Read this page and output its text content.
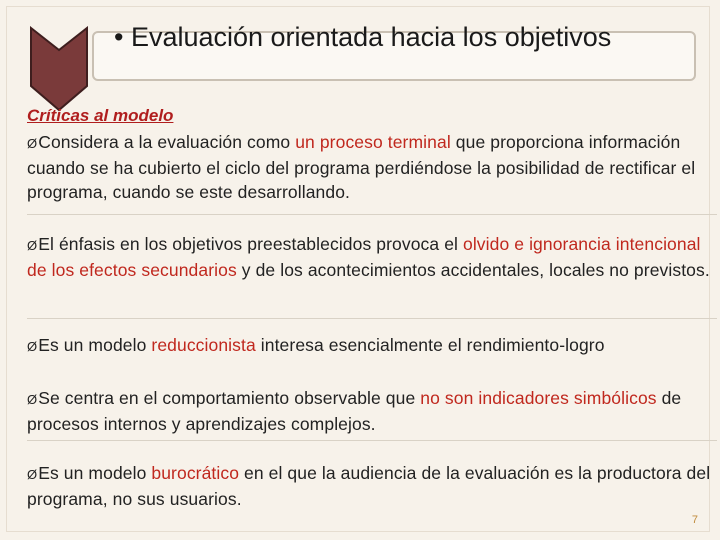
• Evaluación orientada hacia los objetivos

Críticas al modelo

ØConsidera a la evaluación como un proceso terminal que proporciona información cuando se ha cubierto el ciclo del programa perdiéndose la posibilidad de rectificar el programa, cuando se este desarrollando.

ØEl énfasis en los objetivos preestablecidos provoca el olvido e ignorancia intencional de los efectos secundarios y de los acontecimientos accidentales, locales no previstos.

ØEs un modelo reduccionista interesa esencialmente el rendimiento-logro

ØSe centra en el comportamiento observable que no son indicadores simbólicos de procesos internos y aprendizajes complejos.

ØEs un modelo burocrático en el que la audiencia de la evaluación es la productora del programa, no sus usuarios.

7
